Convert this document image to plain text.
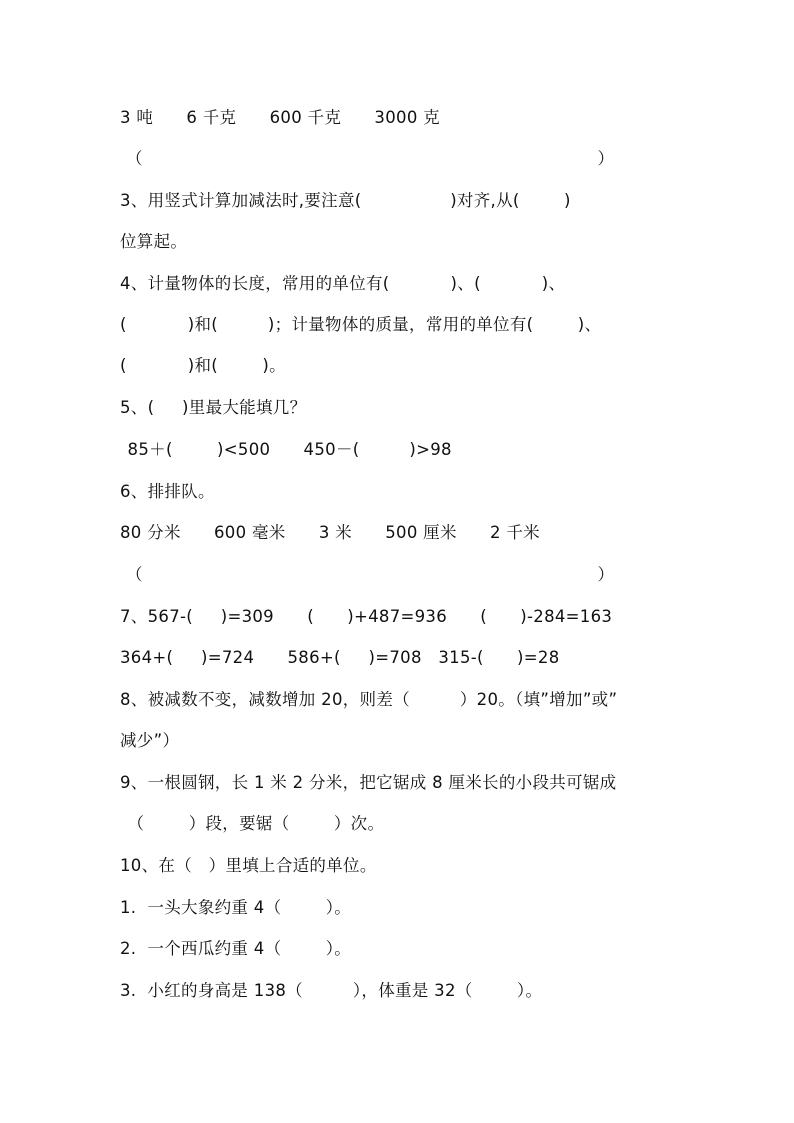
3 吨      6 千克      600 千克      3000 克
（                                                                                  ）
3、用竖式计算加减法时,要注意(                )对齐,从(        )
位算起。
4、计量物体的长度，常用的单位有(           )、(           )、
(           )和(         )；计量物体的质量，常用的单位有(        )、
(           )和(        )。
5、(     )里最大能填几？
85＋(        )<500      450－(         )>98
6、排排队。
80 分米      600 毫米      3 米      500 厘米      2 千米
（                                                                                  ）
7、567-(     )=309      (      )+487=936      (      )-284=163
364+(     )=724      586+(     )=708   315-(      )=28
8、被减数不变，减数增加 20，则差（         ）20。（填”增加”或”
减少”）
9、一根圆钢，长 1 米 2 分米，把它锯成 8 厘米长的小段共可锯成
（        ）段，要锯（        ）次。
10、在（   ）里填上合适的单位。
1.  一头大象约重 4（        ）。
2.  一个西瓜约重 4（        ）。
3.  小红的身高是 138（         ），体重是 32（        ）。
